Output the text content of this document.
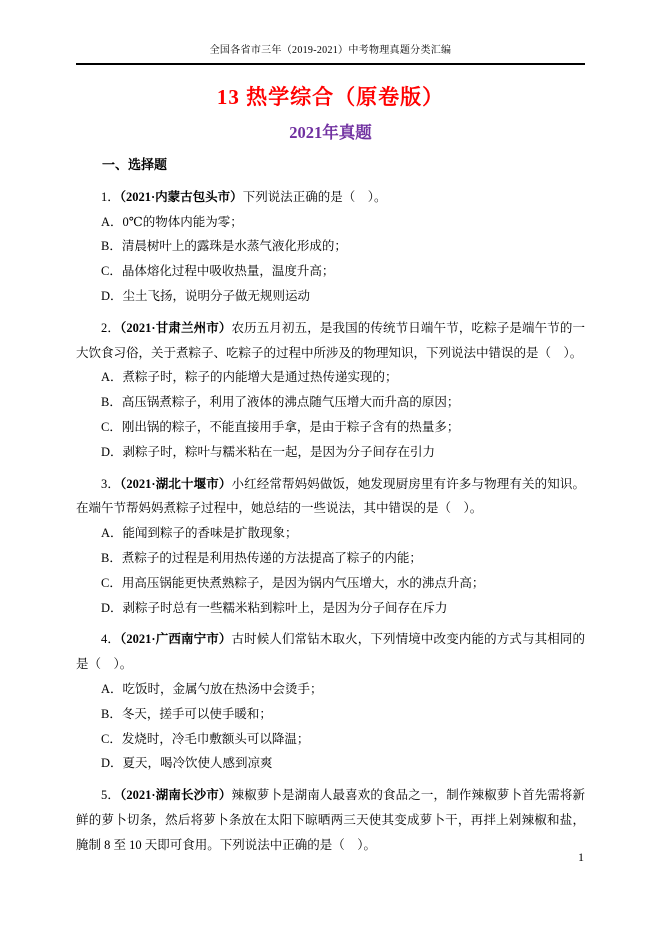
全国各省市三年（2019-2021）中考物理真题分类汇编
13 热学综合（原卷版）
2021年真题

一、选择题

1．（2021·内蒙古包头市）下列说法正确的是（　）。

A．0℃的物体内能为零；

B．清晨树叶上的露珠是水蒸气液化形成的；

C．晶体熔化过程中吸收热量，温度升高；

D．尘土飞扬，说明分子做无规则运动

2．（2021·甘肃兰州市）农历五月初五，是我国的传统节日端午节，吃粽子是端午节的一大饮食习俗，关于煮粽子、吃粽子的过程中所涉及的物理知识，下列说法中错误的是（　）。

A．煮粽子时，粽子的内能增大是通过热传递实现的；

B．高压锅煮粽子，利用了液体的沸点随气压增大而升高的原因；

C．刚出锅的粽子，不能直接用手拿，是由于粽子含有的热量多；

D．剥粽子时，粽叶与糯米粘在一起，是因为分子间存在引力

3．（2021·湖北十堰市）小红经常帮妈妈做饭，她发现厨房里有许多与物理有关的知识。在端午节帮妈妈煮粽子过程中，她总结的一些说法，其中错误的是（　）。

A．能闻到粽子的香味是扩散现象；

B．煮粽子的过程是利用热传递的方法提高了粽子的内能；

C．用高压锅能更快煮熟粽子，是因为锅内气压增大，水的沸点升高；

D．剥粽子时总有一些糯米粘到粽叶上，是因为分子间存在斥力

4．（2021·广西南宁市）古时候人们常钻木取火，下列情境中改变内能的方式与其相同的是（　）。

A．吃饭时，金属勺放在热汤中会烫手；

B．冬天，搓手可以使手暖和；

C．发烧时，冷毛巾敷额头可以降温；

D．夏天，喝冷饮使人感到凉爽

5．（2021·湖南长沙市）辣椒萝卜是湖南人最喜欢的食品之一，制作辣椒萝卜首先需将新鲜的萝卜切条，然后将萝卜条放在太阳下晾晒两三天使其变成萝卜干，再拌上剁辣椒和盐，腌制 8 至 10 天即可食用。下列说法中正确的是（　）。

1
